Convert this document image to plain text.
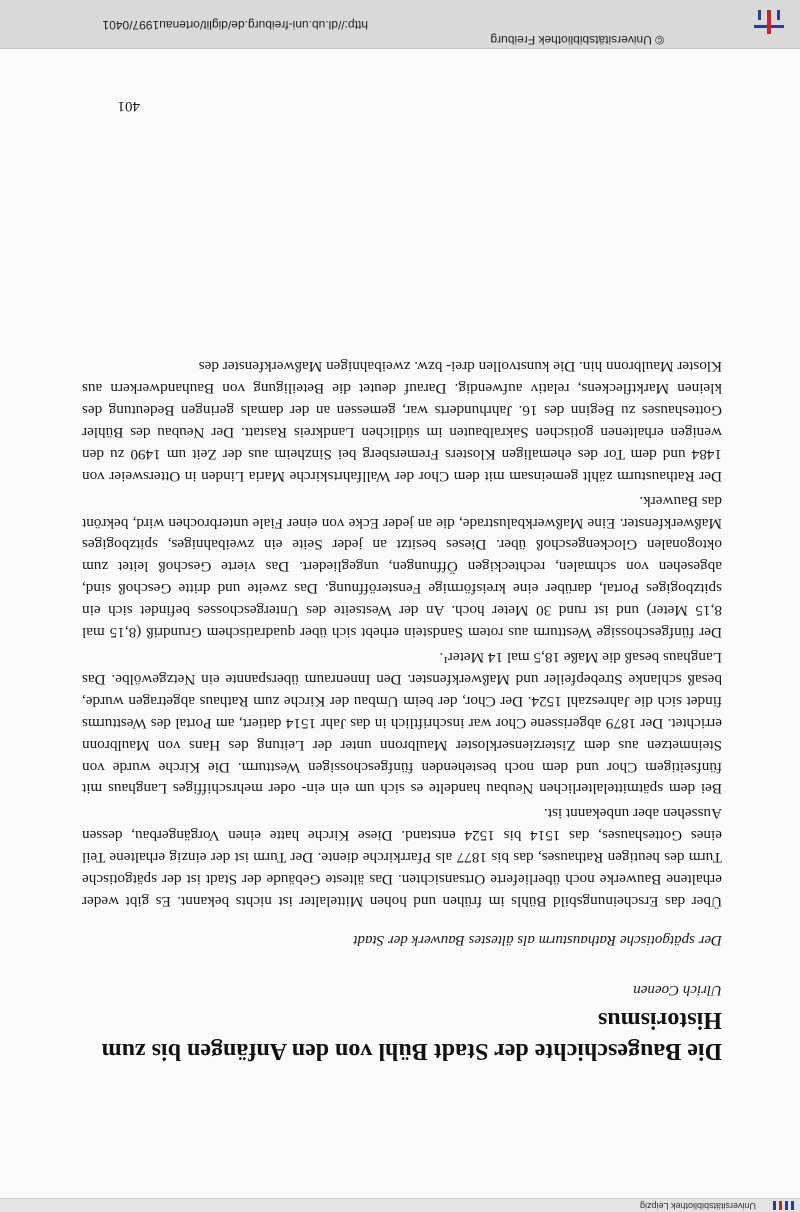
Universitätsbibliothek Leipzig
Die Baugeschichte der Stadt Bühl von den Anfängen bis zum Historismus
Ulrich Coenen
Der spätgotische Rathausturm als ältestes Bauwerk der Stadt

Über das Erscheinungsbild Bühls im frühen und hohen Mittelalter ist nichts bekannt. Es gibt weder erhaltene Bauwerke noch überlieferte Ortsansichten. Das älteste Gebäude der Stadt ist der spätgotische Turm des heutigen Rathauses, das bis 1877 als Pfarrkirche diente. Der Turm ist der einzig erhaltene Teil eines Gotteshauses, das 1514 bis 1524 entstand. Diese Kirche hatte einen Vorgängerbau, dessen Aussehen aber unbekannt ist.

Bei dem spätmittelalterlichen Neubau handelte es sich um ein ein- oder mehrschiffiges Langhaus mit fünfseitigem Chor und dem noch bestehenden fünfgeschossigen Westturm. Die Kirche wurde von Steinmetzen aus dem Zisterzienserkloster Maulbronn unter der Leitung des Hans von Maulbronn errichtet. Der 1879 abgerissene Chor war inschriftlich in das Jahr 1514 datiert, am Portal des Westturms findet sich die Jahreszahl 1524. Der Chor, der beim Umbau der Kirche zum Rathaus abgetragen wurde, besaß schlanke Strebepfeiler und Maßwerkfenster. Den Innenraum überspannte ein Netzgewölbe. Das Langhaus besaß die Maße 18,5 mal 14 Meter¹.

Der fünfgeschossige Westturm aus rotem Sandstein erhebt sich über quadratischem Grundriß (8,15 mal 8,15 Meter) und ist rund 30 Meter hoch. An der Westseite des Untergeschosses befindet sich ein spitzbogiges Portal, darüber eine kreisförmige Fensteröffnung. Das zweite und dritte Geschoß sind, abgesehen von schmalen, rechteckigen Öffnungen, ungegliedert. Das vierte Geschoß leitet zum oktogonalen Glockengeschoß über. Dieses besitzt an jeder Seite ein zweibahniges, spitzbogiges Maßwerkfenster. Eine Maßwerkbalustrade, die an jeder Ecke von einer Fiale unterbrochen wird, bekrönt das Bauwerk.

Der Rathausturm zählt gemeinsam mit dem Chor der Wallfahrtskirche Maria Linden in Ottersweier von 1484 und dem Tor des ehemaligen Klosters Fremersberg bei Sinzheim aus der Zeit um 1490 zu den wenigen erhaltenen gotischen Sakralbauten im südlichen Landkreis Rastatt. Der Neubau des Bühler Gotteshauses zu Beginn des 16. Jahrhunderts war, gemessen an der damals geringen Bedeutung des kleinen Marktfleckens, relativ aufwendig. Darauf deutet die Beteiligung von Bauhandwerkern aus Kloster Maulbronn hin. Die kunstvollen drei- bzw. zweibahnigen Maßwerkfenster des

401
© Universitätsbibliothek Freiburg
http://dl.ub.uni-freiburg.de/diglit/ortenau1997/0401
